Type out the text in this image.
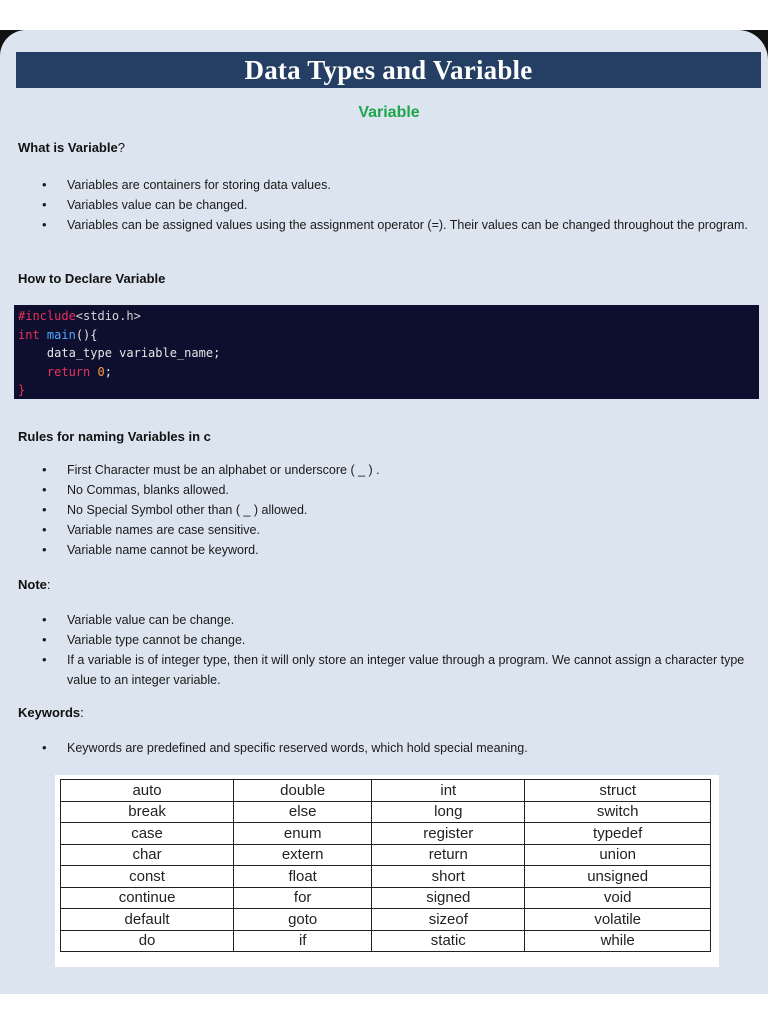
Data Types and Variable
Variable
What is Variable?
• Variables are containers for storing data values.
• Variables value can be changed.
• Variables can be assigned values using the assignment operator (=). Their values can be changed throughout the program.
How to Declare Variable
#include<stdio.h>
int main(){
data_type variable_name;
return 0;
}
Rules for naming Variables in c
• First Character must be an alphabet or underscore ( _ ) .
• No Commas, blanks allowed.
• No Special Symbol other than ( _ ) allowed.
• Variable names are case sensitive.
• Variable name cannot be keyword.
Note:
• Variable value can be change.
• Variable type cannot be change.
• If a variable is of integer type, then it will only store an integer value through a program. We cannot assign a character type value to an integer variable.
Keywords:
• Keywords are predefined and specific reserved words, which hold special meaning.
auto	double	int	struct
break	else	long	switch
case	enum	register	typedef
char	extern	return	union
const	float	short	unsigned
continue	for	signed	void
default	goto	sizeof	volatile
do	if	static	while
